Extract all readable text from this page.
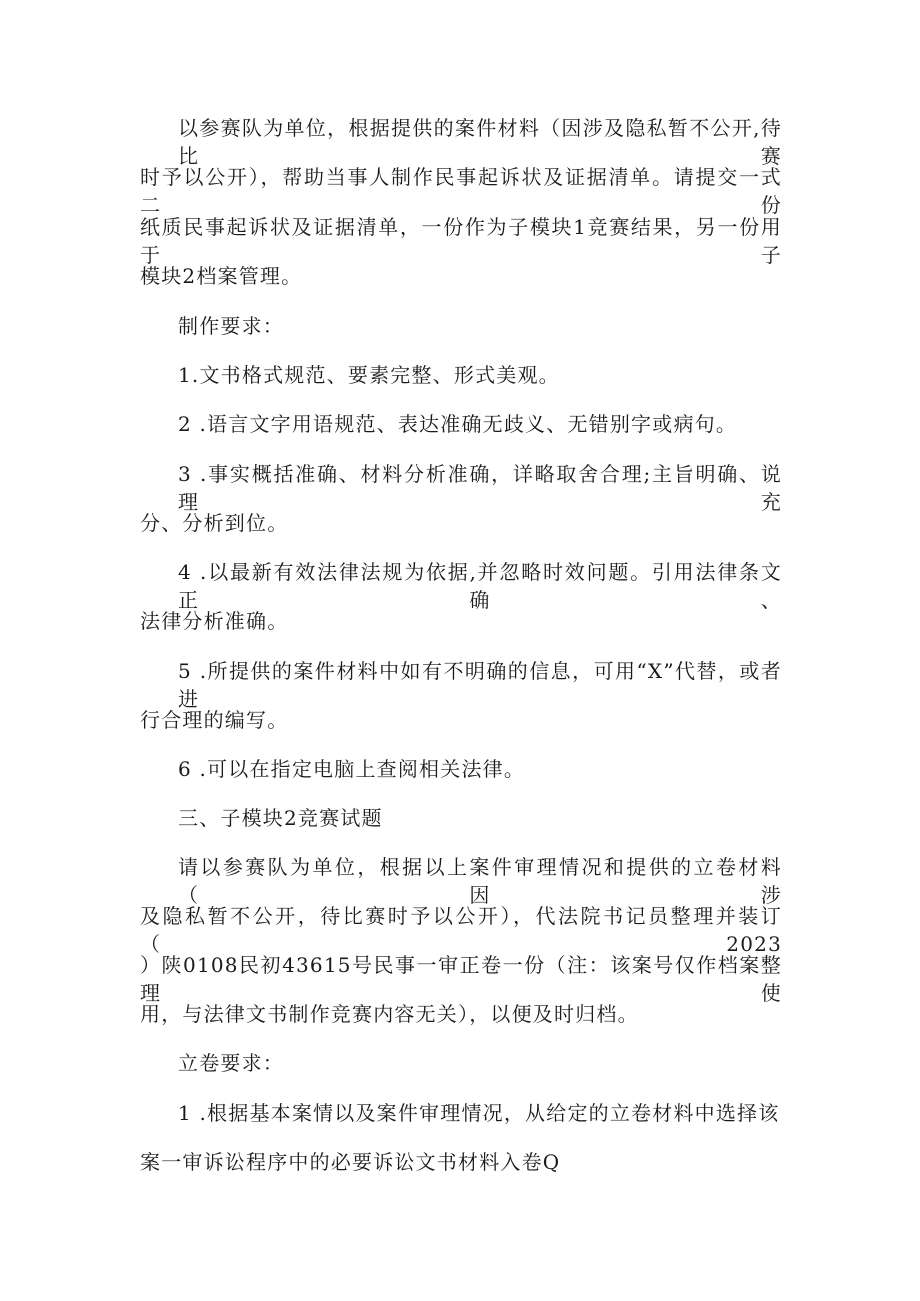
以参赛队为单位，根据提供的案件材料（因涉及隐私暂不公开,待比赛
时予以公开），帮助当事人制作民事起诉状及证据清单。请提交一式二份
纸质民事起诉状及证据清单，一份作为子模块1竞赛结果，另一份用于子
模块2档案管理。
制作要求：
1.文书格式规范、要素完整、形式美观。
2 .语言文字用语规范、表达准确无歧义、无错别字或病句。
3 .事实概括准确、材料分析准确，详略取舍合理;主旨明确、说理充
分、分析到位。
4 .以最新有效法律法规为依据,并忽略时效问题。引用法律条文正确、
法律分析准确。
5 .所提供的案件材料中如有不明确的信息，可用“X”代替，或者进
行合理的编写。
6 .可以在指定电脑上查阅相关法律。
三、子模块2竞赛试题
请以参赛队为单位，根据以上案件审理情况和提供的立卷材料（因涉
及隐私暂不公开，待比赛时予以公开），代法院书记员整理并装订（2023
）陕0108民初43615号民事一审正卷一份（注：该案号仅作档案整理使
用，与法律文书制作竞赛内容无关），以便及时归档。
立卷要求：
1 .根据基本案情以及案件审理情况，从给定的立卷材料中选择该
案一审诉讼程序中的必要诉讼文书材料入卷Q
